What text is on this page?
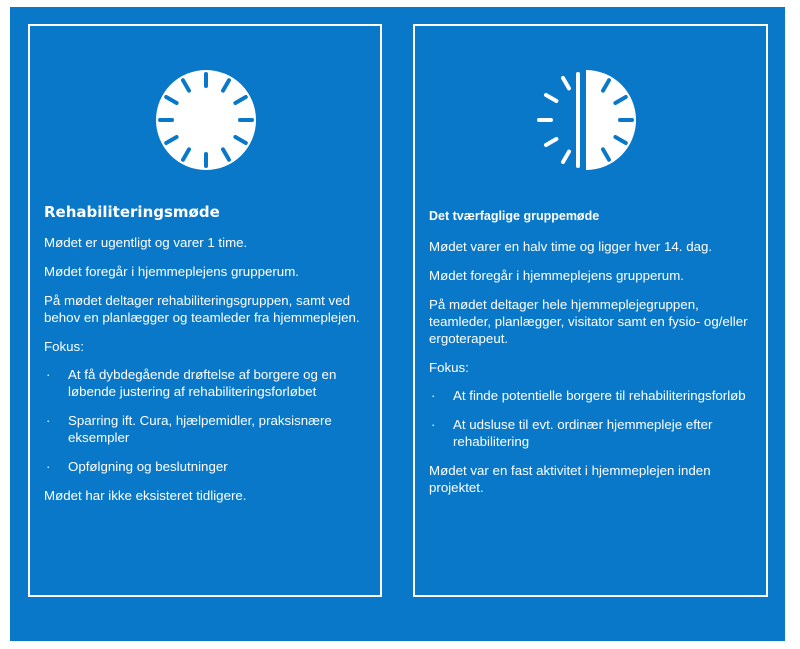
Rehabiliteringsmøde

Mødet er ugentligt og varer 1 time.

Mødet foregår i hjemmeplejens grupperum.

På mødet deltager rehabiliteringsgruppen, samt ved behov en planlægger og teamleder fra hjemmeplejen.

Fokus:

· At få dybdegående drøftelse af borgere og en løbende justering af rehabiliteringsforløbet
· Sparring ift. Cura, hjælpemidler, praksisnære eksempler
· Opfølgning og beslutninger

Mødet har ikke eksisteret tidligere.

Det tværfaglige gruppemøde

Mødet varer en halv time og ligger hver 14. dag.

Mødet foregår i hjemmeplejens grupperum.

På mødet deltager hele hjemmeplejegruppen, teamleder, planlægger, visitator samt en fysio- og/eller ergoterapeut.

Fokus:

· At finde potentielle borgere til rehabiliteringsforløb
· At udsluse til evt. ordinær hjemmepleje efter rehabilitering

Mødet var en fast aktivitet i hjemmeplejen inden projektet.
